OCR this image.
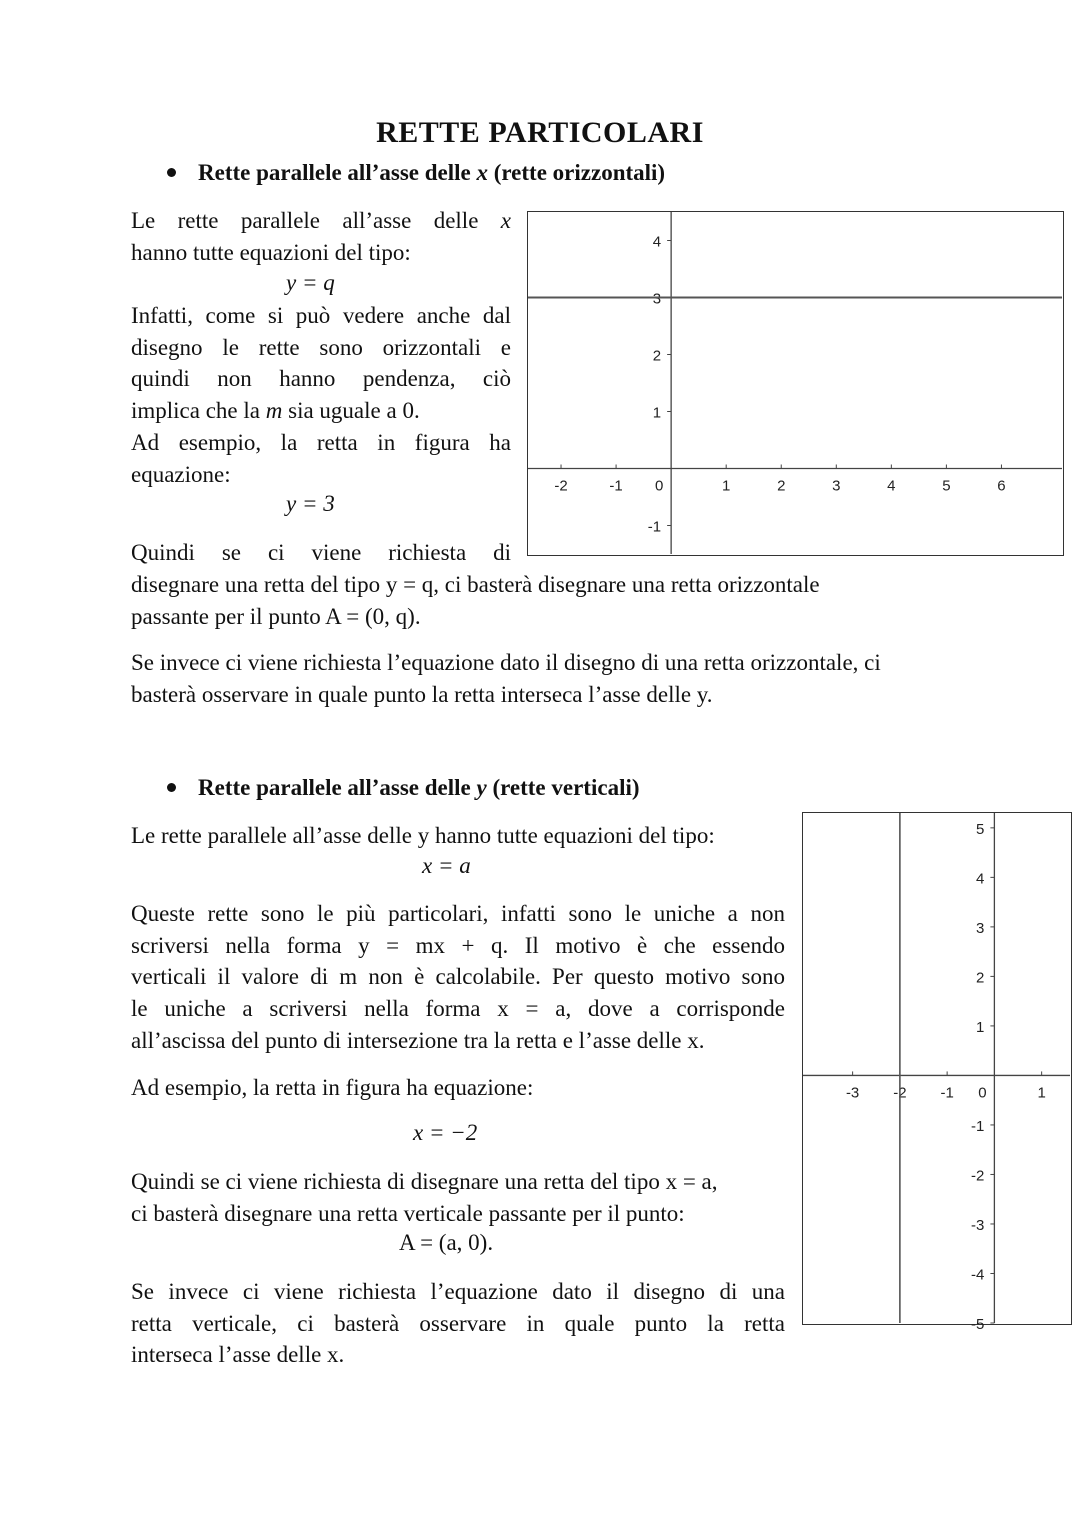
RETTE PARTICOLARI
Rette parallele all’asse delle x (rette orizzontali)
Le rette parallele all’asse delle x
hanno tutte equazioni del tipo:
y = q
Infatti, come si può vedere anche dal
disegno le rette sono orizzontali e
quindi non hanno pendenza, ciò
implica che la m sia uguale a 0.
Ad esempio, la retta in figura ha
equazione:
y = 3
Quindi se ci viene richiesta di
disegnare una retta del tipo y = q, ci basterà disegnare una retta orizzontale
passante per il punto A = (0, q).
Se invece ci viene richiesta l’equazione dato il disegno di una retta orizzontale, ci
basterà osservare in quale punto la retta interseca l’asse delle y.
-2	-1 0	1	2	3	4	5	6
4
3
2
1
-1
Rette parallele all’asse delle y (rette verticali)
Le rette parallele all’asse delle y hanno tutte equazioni del tipo:
x = a
Queste rette sono le più particolari, infatti sono le uniche a non
scriversi nella forma y = mx + q. Il motivo è che essendo
verticali il valore di m non è calcolabile. Per questo motivo sono
le uniche a scriversi nella forma x = a, dove a corrisponde
all’ascissa del punto di intersezione tra la retta e l’asse delle x.
Ad esempio, la retta in figura ha equazione:
x = −2
Quindi se ci viene richiesta di disegnare una retta del tipo x = a,
ci basterà disegnare una retta verticale passante per il punto:
A = (a, 0).
Se invece ci viene richiesta l’equazione dato il disegno di una
retta verticale, ci basterà osservare in quale punto la retta
interseca l’asse delle x.
-3 -2 -1 0	1
5
4
3
2
1
-1
-2
-3
-4
-5
